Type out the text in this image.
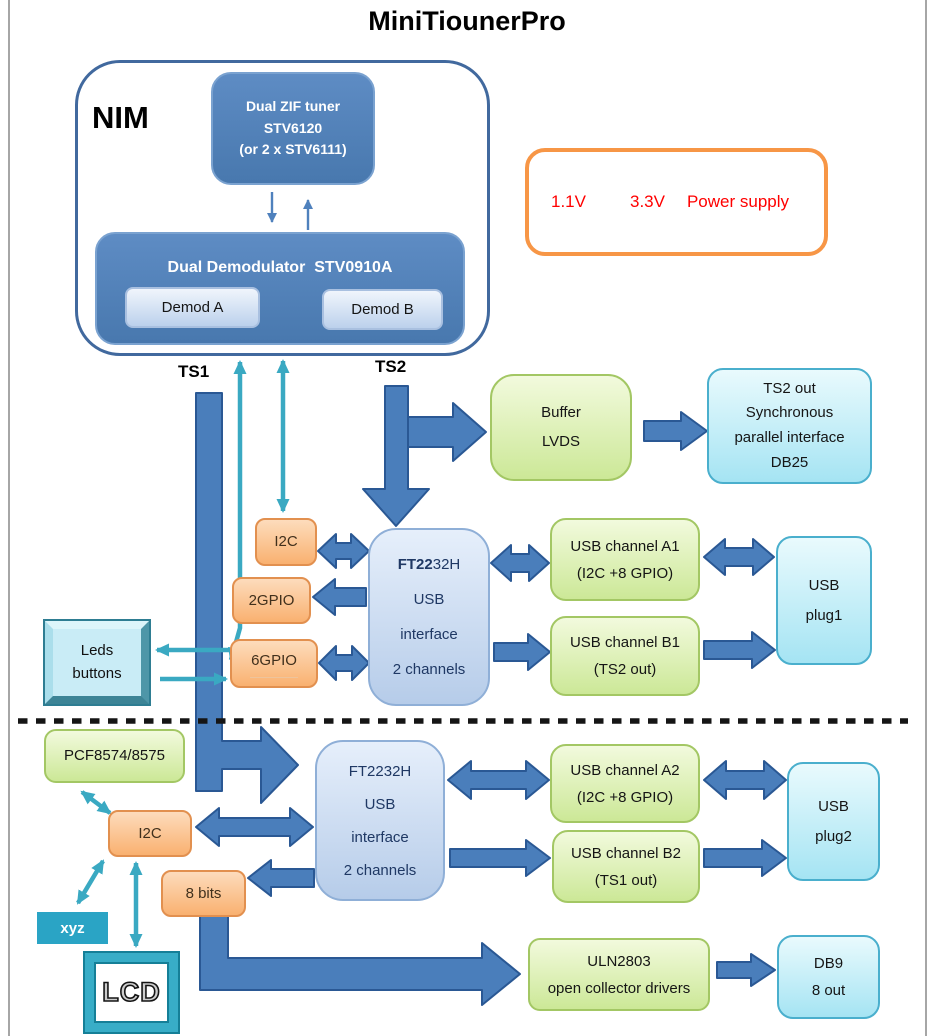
MiniTiounerPro
NIM	Dual ZIF tuner
STV6120
(or 2 x STV6111)
Dual Demodulator  STV0910A
Demod A	Demod B
1.1V	3.3V Power supply
TS1	TS2
Buffer
LVDS
TS2 out
Synchronous
parallel interface
DB25
I2C
2GPIO
6GPIO
FT2232H
USB
interface
2 channels
USB channel A1
(I2C +8 GPIO)
USB channel B1
(TS2 out)
USB
plug1
Leds
buttons
PCF8574/8575
I2C
8 bits
FT2232H
USB
interface
2 channels
USB channel A2
(I2C +8 GPIO)
USB channel B2
(TS1 out)
USB
plug2
xyz
LCD
ULN2803
open collector drivers
DB9
8 out
